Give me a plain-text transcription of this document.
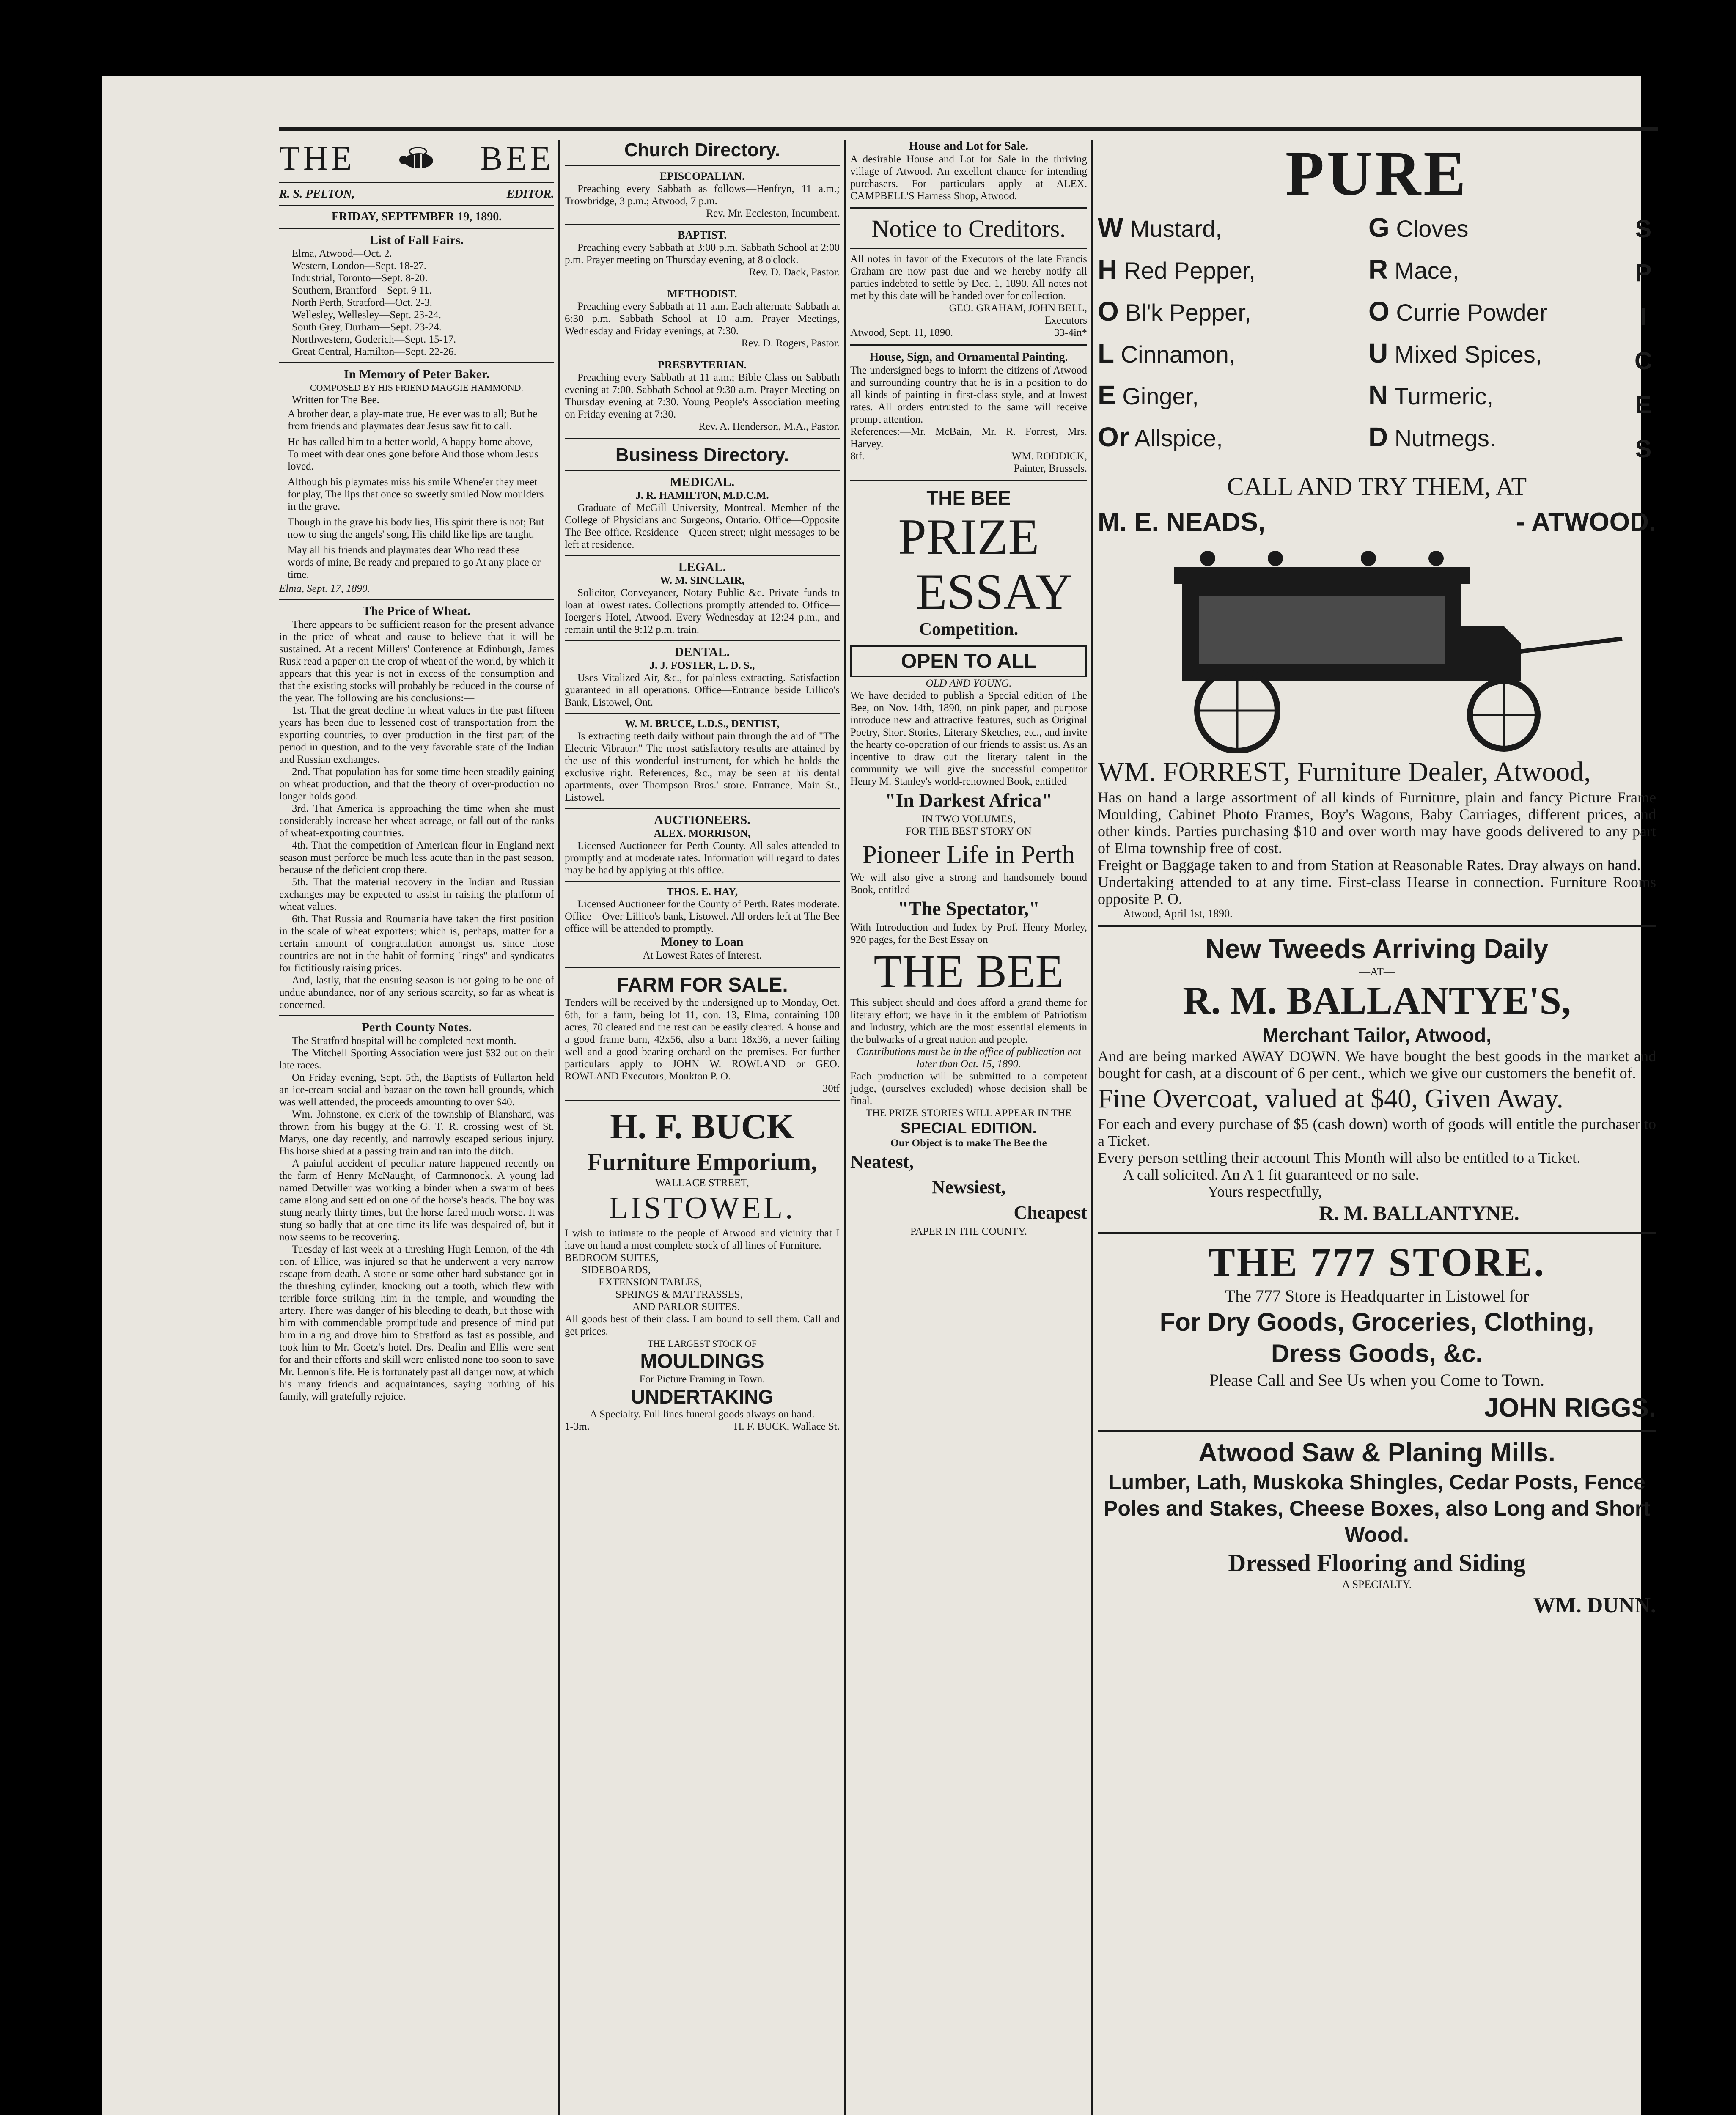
THE	BEE
R. S. PELTON,	EDITOR.
FRIDAY, SEPTEMBER 19, 1890.
List of Fall Fairs.
Elma, Atwood—Oct. 2.
Western, London—Sept. 18-27.
Industrial, Toronto—Sept. 8-20.
Southern, Brantford—Sept. 9 11.
North Perth, Stratford—Oct. 2-3.
Wellesley, Wellesley—Sept. 23-24.
South Grey, Durham—Sept. 23-24.
Northwestern, Goderich—Sept. 15-17.
Great Central, Hamilton—Sept. 22-26.
In Memory of Peter Baker.
COMPOSED BY HIS FRIEND MAGGIE HAMMOND.
Written for The Bee.

A brother dear, a play-mate true, He ever was to all; But he from friends and playmates dear Jesus saw fit to call.

He has called him to a better world, A happy home above, To meet with dear ones gone before And those whom Jesus loved.

Although his playmates miss his smile Whene'er they meet for play, The lips that once so sweetly smiled Now moulders in the grave.

Though in the grave his body lies, His spirit there is not; But now to sing the angels' song, His child like lips are taught.

May all his friends and playmates dear Who read these words of mine, Be ready and prepared to go At any place or time.

Elma, Sept. 17, 1890.
The Price of Wheat.

There appears to be sufficient reason for the present advance in the price of wheat and cause to believe that it will be sustained. At a recent Millers' Conference at Edinburgh, James Rusk read a paper on the crop of wheat of the world, by which it appears that this year is not in excess of the consumption and that the existing stocks will probably be reduced in the course of the year. The following are his conclusions:—

1st. That the great decline in wheat values in the past fifteen years has been due to lessened cost of transportation from the exporting countries, to over production in the first part of the period in question, and to the very favorable state of the Indian and Russian exchanges.

2nd. That population has for some time been steadily gaining on wheat production, and that the theory of over-production no longer holds good.

3rd. That America is approaching the time when she must considerably increase her wheat acreage, or fall out of the ranks of wheat-exporting countries.

4th. That the competition of American flour in England next season must perforce be much less acute than in the past season, because of the deficient crop there.

5th. That the material recovery in the Indian and Russian exchanges may be expected to assist in raising the platform of wheat values.

6th. That Russia and Roumania have taken the first position in the scale of wheat exporters; which is, perhaps, matter for a certain amount of congratulation amongst us, since those countries are not in the habit of forming "rings" and syndicates for fictitiously raising prices.

And, lastly, that the ensuing season is not going to be one of undue abundance, nor of any serious scarcity, so far as wheat is concerned.

Perth County Notes.

The Stratford hospital will be completed next month.

The Mitchell Sporting Association were just $32 out on their late races.

On Friday evening, Sept. 5th, the Baptists of Fullarton held an ice-cream social and bazaar on the town hall grounds, which was well attended, the proceeds amounting to over $40.

Wm. Johnstone, ex-clerk of the township of Blanshard, was thrown from his buggy at the G. T. R. crossing west of St. Marys, one day recently, and narrowly escaped serious injury. His horse shied at a passing train and ran into the ditch.

A painful accident of peculiar nature happened recently on the farm of Henry McNaught, of Carmnonock. A young lad named Detwiller was working a binder when a swarm of bees came along and settled on one of the horse's heads. The boy was stung nearly thirty times, but the horse fared much worse. It was stung so badly that at one time its life was despaired of, but it now seems to be recovering.

Tuesday of last week at a threshing Hugh Lennon, of the 4th con. of Ellice, was injured so that he underwent a very narrow escape from death. A stone or some other hard substance got in the threshing cylinder, knocking out a tooth, which flew with terrible force striking him in the temple, and wounding the artery. There was danger of his bleeding to death, but those with him with commendable promptitude and presence of mind put him in a rig and drove him to Stratford as fast as possible, and took him to Mr. Goetz's hotel. Drs. Deafin and Ellis were sent for and their efforts and skill were enlisted none too soon to save Mr. Lennon's life. He is fortunately past all danger now, at which his many friends and acquaintances, saying nothing of his family, will gratefully rejoice.

Church Directory.
EPISCOPALIAN.

Preaching every Sabbath as follows—Henfryn, 11 a.m.; Trowbridge, 3 p.m.; Atwood, 7 p.m.

Rev. Mr. Eccleston, Incumbent.

BAPTIST.

Preaching every Sabbath at 3:00 p.m. Sabbath School at 2:00 p.m. Prayer meeting on Thursday evening, at 8 o'clock.

Rev. D. Dack, Pastor.

METHODIST.

Preaching every Sabbath at 11 a.m. Each alternate Sabbath at 6:30 p.m. Sabbath School at 10 a.m. Prayer Meetings, Wednesday and Friday evenings, at 7:30.

Rev. D. Rogers, Pastor.

PRESBYTERIAN.

Preaching every Sabbath at 11 a.m.; Bible Class on Sabbath evening at 7:00. Sabbath School at 9:30 a.m. Prayer Meeting on Thursday evening at 7:30. Young People's Association meeting on Friday evening at 7:30.

Rev. A. Henderson, M.A., Pastor.

Business Directory.
MEDICAL.
J. R. HAMILTON, M.D.C.M.

Graduate of McGill University, Montreal. Member of the College of Physicians and Surgeons, Ontario. Office—Opposite The Bee office. Residence—Queen street; night messages to be left at residence.

LEGAL.
W. M. SINCLAIR,

Solicitor, Conveyancer, Notary Public &c. Private funds to loan at lowest rates. Collections promptly attended to. Office—Ioerger's Hotel, Atwood. Every Wednesday at 12:24 p.m., and remain until the 9:12 p.m. train.

DENTAL.
J. J. FOSTER, L. D. S.,

Uses Vitalized Air, &c., for painless extracting. Satisfaction guaranteed in all operations. Office—Entrance beside Lillico's Bank, Listowel, Ont.

W. M. BRUCE, L.D.S., DENTIST,

Is extracting teeth daily without pain through the aid of "The Electric Vibrator." The most satisfactory results are attained by the use of this wonderful instrument, for which he holds the exclusive right. References, &c., may be seen at his dental apartments, over Thompson Bros.' store. Entrance, Main St., Listowel.

AUCTIONEERS.
ALEX. MORRISON,

Licensed Auctioneer for Perth County. All sales attended to promptly and at moderate rates. Information will regard to dates may be had by applying at this office.

THOS. E. HAY,

Licensed Auctioneer for the County of Perth. Rates moderate. Office—Over Lillico's bank, Listowel. All orders left at The Bee office will be attended to promptly.

Money to Loan
At Lowest Rates of Interest.
FARM FOR SALE.
Tenders will be received by the undersigned up to Monday, Oct. 6th, for a farm, being lot 11, con. 13, Elma, containing 100 acres, 70 cleared and the rest can be easily cleared. A house and a good frame barn, 42x56, also a barn 18x36, a never failing well and a good bearing orchard on the premises. For further particulars apply to JOHN W. ROWLAND or GEO. ROWLAND Executors, Monkton P. O.
30tf
H. F. BUCK
Furniture Emporium,
WALLACE STREET,
LISTOWEL.
I wish to intimate to the people of Atwood and vicinity that I have on hand a most complete stock of all lines of Furniture.
BEDROOM SUITES,
SIDEBOARDS,
EXTENSION TABLES,
SPRINGS & MATTRASSES,
AND PARLOR SUITES.
All goods best of their class. I am bound to sell them. Call and get prices.
THE LARGEST STOCK OF
MOULDINGS
For Picture Framing in Town.
UNDERTAKING
A Specialty. Full lines funeral goods always on hand.
1-3m.	H. F. BUCK, Wallace St.
House and Lot for Sale.
A desirable House and Lot for Sale in the thriving village of Atwood. An excellent chance for intending purchasers. For particulars apply at ALEX. CAMPBELL'S Harness Shop, Atwood.
Notice to Creditors.
All notes in favor of the Executors of the late Francis Graham are now past due and we hereby notify all parties indebted to settle by Dec. 1, 1890. All notes not met by this date will be handed over for collection.
GEO. GRAHAM, JOHN BELL,
Executors
Atwood, Sept. 11, 1890.	33-4in*
House, Sign, and Ornamental Painting.
The undersigned begs to inform the citizens of Atwood and surrounding country that he is in a position to do all kinds of painting in first-class style, and at lowest rates. All orders entrusted to the same will receive prompt attention.
References:—Mr. McBain, Mr. R. Forrest, Mrs. Harvey.
8tf.	WM. RODDICK,
Painter, Brussels.
THE BEE
PRIZE
ESSAY
Competition.
OPEN TO ALL
OLD AND YOUNG.
We have decided to publish a Special edition of The Bee, on Nov. 14th, 1890, on pink paper, and purpose introduce new and attractive features, such as Original Poetry, Short Stories, Literary Sketches, etc., and invite the hearty co-operation of our friends to assist us. As an incentive to draw out the literary talent in the community we will give the successful competitor Henry M. Stanley's world-renowned Book, entitled
"In Darkest Africa"
IN TWO VOLUMES,
FOR THE BEST STORY ON
Pioneer Life in Perth
We will also give a strong and handsomely bound Book, entitled
"The Spectator,"
With Introduction and Index by Prof. Henry Morley, 920 pages, for the Best Essay on
THE BEE
This subject should and does afford a grand theme for literary effort; we have in it the emblem of Patriotism and Industry, which are the most essential elements in the bulwarks of a great nation and people.
Contributions must be in the office of publication not later than Oct. 15, 1890.
Each production will be submitted to a competent judge, (ourselves excluded) whose decision shall be final.
THE PRIZE STORIES WILL APPEAR IN THE
SPECIAL EDITION.
Our Object is to make The Bee the
Neatest,
Newsiest,
Cheapest
PAPER IN THE COUNTY.
PURE
W Mustard,	G Cloves
H Red Pepper,	R Mace,
O Bl'k Pepper,	O Currie Powder
L Cinnamon,	U Mixed Spices,
E Ginger,	N Turmeric,
Or Allspice,	D Nutmegs.
S
P
I
C
E
S
CALL AND TRY THEM, AT
M. E. NEADS,	- ATWOOD.
WM. FORREST, Furniture Dealer, Atwood,
Has on hand a large assortment of all kinds of Furniture, plain and fancy Picture Frame Moulding, Cabinet Photo Frames, Boy's Wagons, Baby Carriages, different prices, and other kinds. Parties purchasing $10 and over worth may have goods delivered to any part of Elma township free of cost.
Freight or Baggage taken to and from Station at Reasonable Rates. Dray always on hand.
Undertaking attended to at any time. First-class Hearse in connection. Furniture Rooms opposite P. O.
Atwood, April 1st, 1890.
New Tweeds Arriving Daily
—AT—
R. M. BALLANTYE'S,
Merchant Tailor, Atwood,
And are being marked AWAY DOWN. We have bought the best goods in the market and bought for cash, at a discount of 6 per cent., which we give our customers the benefit of.
Fine Overcoat, valued at $40, Given Away.
For each and every purchase of $5 (cash down) worth of goods will entitle the purchaser to a Ticket.
Every person settling their account This Month will also be entitled to a Ticket.
A call solicited. An A 1 fit guaranteed or no sale.
Yours respectfully,
R. M. BALLANTYNE.
THE 777 STORE.
The 777 Store is Headquarter in Listowel for
For Dry Goods, Groceries, Clothing,
Dress Goods, &c.
Please Call and See Us when you Come to Town.
JOHN RIGGS.
Atwood Saw & Planing Mills.
Lumber, Lath, Muskoka Shingles, Cedar Posts, Fence Poles and Stakes, Cheese Boxes, also Long and Short Wood.
Dressed Flooring and Siding
A SPECIALTY.
WM. DUNN.
